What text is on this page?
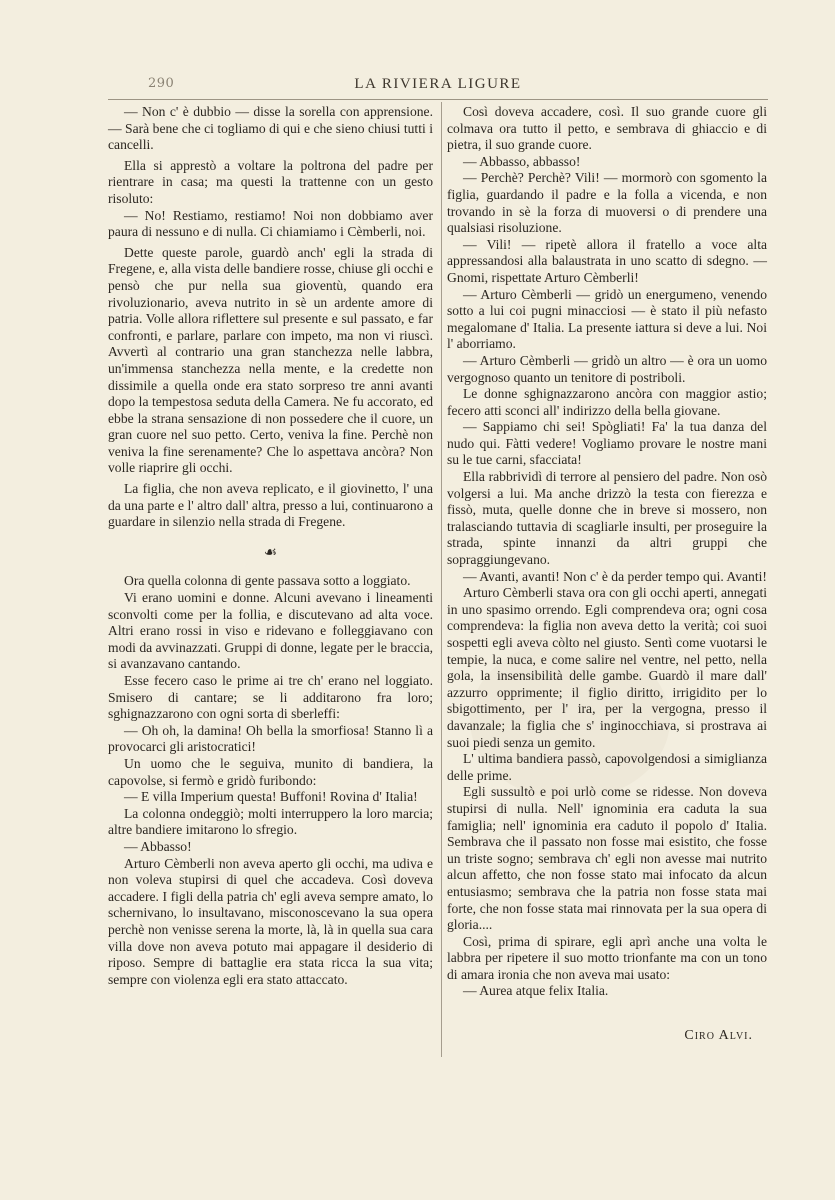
290	LA RIVIERA LIGURE

— Non c' è dubbio — disse la sorella con apprensione. — Sarà bene che ci togliamo di qui e che sieno chiusi tutti i cancelli.

Ella si apprestò a voltare la poltrona del padre per rientrare in casa; ma questi la trattenne con un gesto risoluto:

— No! Restiamo, restiamo! Noi non dobbiamo aver paura di nessuno e di nulla. Ci chiamiamo i Cèmberli, noi.

Dette queste parole, guardò anch' egli la strada di Fregene, e, alla vista delle bandiere rosse, chiuse gli occhi e pensò che pur nella sua gioventù, quando era rivoluzionario, aveva nutrito in sè un ardente amore di patria. Volle allora riflettere sul presente e sul passato, e far confronti, e parlare, parlare con impeto, ma non vi riuscì. Avvertì al contrario una gran stanchezza nelle labbra, un'immensa stanchezza nella mente, e la credette non dissimile a quella onde era stato sorpreso tre anni avanti dopo la tempestosa seduta della Camera. Ne fu accorato, ed ebbe la strana sensazione di non possedere che il cuore, un gran cuore nel suo petto. Certo, veniva la fine. Perchè non veniva la fine serenamente? Che lo aspettava ancòra? Non volle riaprire gli occhi.

La figlia, che non aveva replicato, e il giovinetto, l' una da una parte e l' altro dall' altra, presso a lui, continuarono a guardare in silenzio nella strada di Fregene.

☙

Ora quella colonna di gente passava sotto a loggiato.

Vi erano uomini e donne. Alcuni avevano i lineamenti sconvolti come per la follia, e discutevano ad alta voce. Altri erano rossi in viso e ridevano e folleggiavano con modi da avvinazzati. Gruppi di donne, legate per le braccia, si avanzavano cantando.

Esse fecero caso le prime ai tre ch' erano nel loggiato. Smisero di cantare; se li additarono fra loro; sghignazzarono con ogni sorta di sberleffi:

— Oh oh, la damina! Oh bella la smorfiosa! Stanno lì a provocarci gli aristocratici!

Un uomo che le seguiva, munito di bandiera, la capovolse, si fermò e gridò furibondo:

— E villa Imperium questa! Buffoni! Rovina d' Italia!

La colonna ondeggiò; molti interruppero la loro marcia; altre bandiere imitarono lo sfregio.

— Abbasso!

Arturo Cèmberli non aveva aperto gli occhi, ma udiva e non voleva stupirsi di quel che accadeva. Così doveva accadere. I figli della patria ch' egli aveva sempre amato, lo schernivano, lo insultavano, misconoscevano la sua opera perchè non venisse serena la morte, là, là in quella sua cara villa dove non aveva potuto mai appagare il desiderio di riposo. Sempre di battaglie era stata ricca la sua vita; sempre con violenza egli era stato attaccato.

Così doveva accadere, così. Il suo grande cuore gli colmava ora tutto il petto, e sembrava di ghiaccio e di pietra, il suo grande cuore.

— Abbasso, abbasso!

— Perchè? Perchè? Vili! — mormorò con sgomento la figlia, guardando il padre e la folla a vicenda, e non trovando in sè la forza di muoversi o di prendere una qualsiasi risoluzione.

— Vili! — ripetè allora il fratello a voce alta appressandosi alla balaustrata in uno scatto di sdegno. — Gnomi, rispettate Arturo Cèmberli!

— Arturo Cèmberli — gridò un energumeno, venendo sotto a lui coi pugni minacciosi — è stato il più nefasto megalomane d' Italia. La presente iattura si deve a lui. Noi l' aborriamo.

— Arturo Cèmberli — gridò un altro — è ora un uomo vergognoso quanto un tenitore di postriboli.

Le donne sghignazzarono ancòra con maggior astio; fecero atti sconci all' indirizzo della bella giovane.

— Sappiamo chi sei! Spògliati! Fa' la tua danza del nudo qui. Fàtti vedere! Vogliamo provare le nostre mani su le tue carni, sfacciata!

Ella rabbrividì di terrore al pensiero del padre. Non osò volgersi a lui. Ma anche drizzò la testa con fierezza e fissò, muta, quelle donne che in breve si mossero, non tralasciando tuttavia di scagliarle insulti, per proseguire la strada, spinte innanzi da altri gruppi che sopraggiungevano.

— Avanti, avanti! Non c' è da perder tempo qui. Avanti!

Arturo Cèmberli stava ora con gli occhi aperti, annegati in uno spasimo orrendo. Egli comprendeva ora; ogni cosa comprendeva: la figlia non aveva detto la verità; coi suoi sospetti egli aveva còlto nel giusto. Sentì come vuotarsi le tempie, la nuca, e come salire nel ventre, nel petto, nella gola, la insensibilità delle gambe. Guardò il mare dall' azzurro opprimente; il figlio diritto, irrigidito per lo sbigottimento, per l' ira, per la vergogna, presso il davanzale; la figlia che s' inginocchiava, si prostrava ai suoi piedi senza un gemito.

L' ultima bandiera passò, capovolgendosi a simiglianza delle prime.

Egli sussultò e poi urlò come se ridesse. Non doveva stupirsi di nulla. Nell' ignominia era caduta la sua famiglia; nell' ignominia era caduto il popolo d' Italia. Sembrava che il passato non fosse mai esistito, che fosse un triste sogno; sembrava ch' egli non avesse mai nutrito alcun affetto, che non fosse stato mai infocato da alcun entusiasmo; sembrava che la patria non fosse stata mai forte, che non fosse stata mai rinnovata per la sua opera di gloria....

Così, prima di spirare, egli aprì anche una volta le labbra per ripetere il suo motto trionfante ma con un tono di amara ironia che non aveva mai usato:

— Aurea atque felix Italia.

Ciro Alvi.
